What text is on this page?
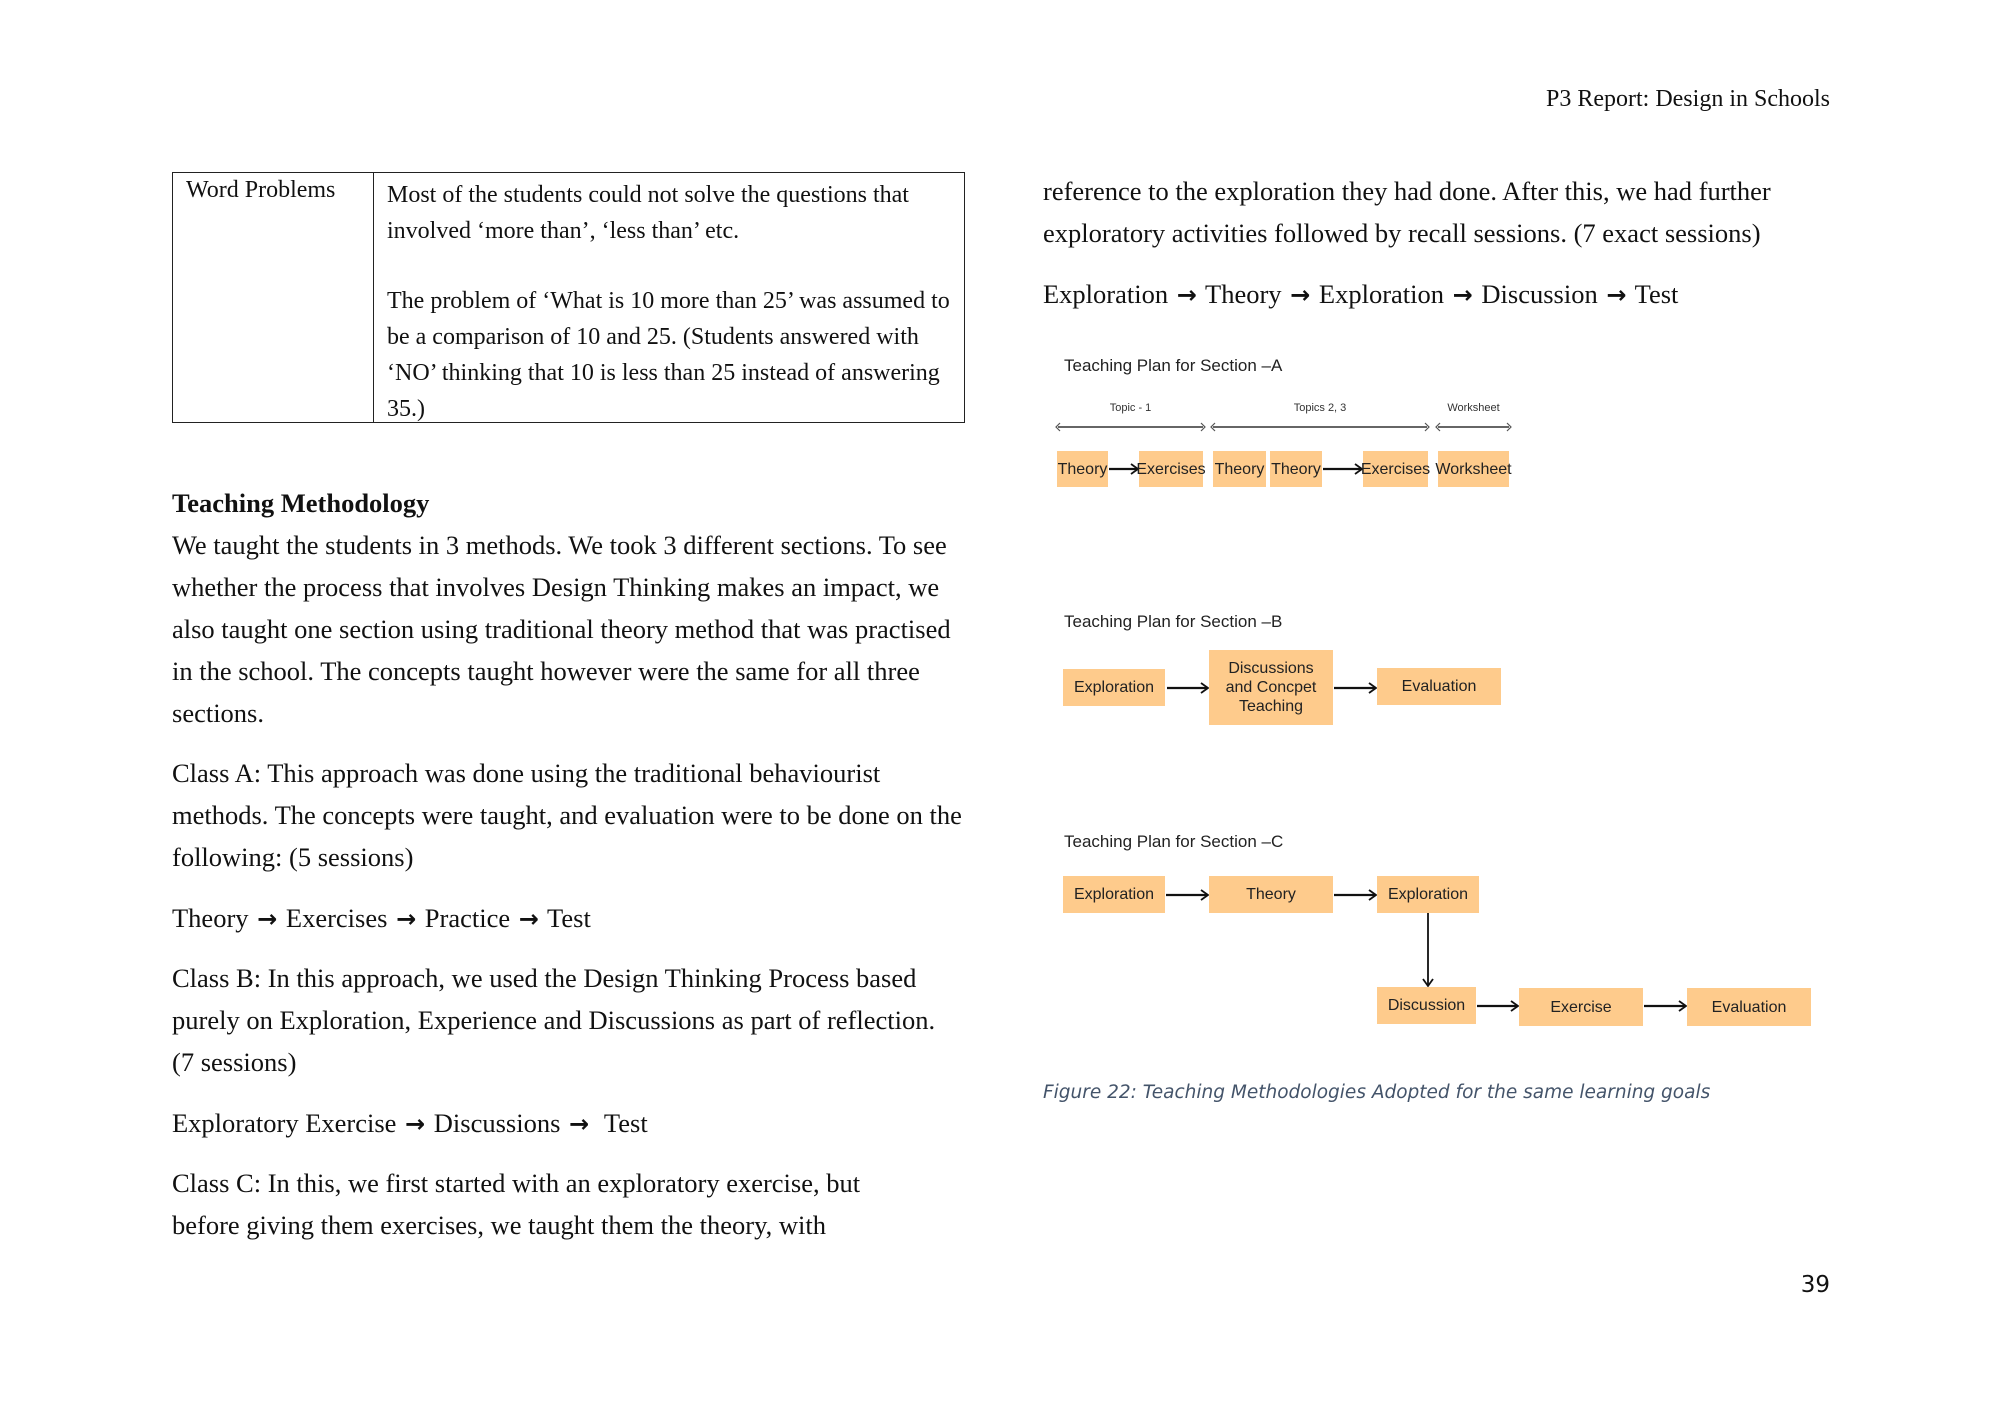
P3 Report: Design in Schools
Word Problems Most of the students could not solve the questions that involved ‘more than’, ‘less than’ etc.

The problem of ‘What is 10 more than 25’ was assumed to be a comparison of 10 and 25. (Students answered with ‘NO’ thinking that 10 is less than 25 instead of answering 35.)

Teaching Methodology

We taught the students in 3 methods. We took 3 different sections. To see whether the process that involves Design Thinking makes an impact, we also taught one section using traditional theory method that was practised in the school. The concepts taught however were the same for all three sections.

Class A: This approach was done using the traditional behaviourist methods. The concepts were taught, and evaluation were to be done on the following: (5 sessions)

Theory → Exercises → Practice → Test

Class B: In this approach, we used the Design Thinking Process based purely on Exploration, Experience and Discussions as part of reflection. (7 sessions)

Exploratory Exercise → Discussions →  Test

Class C: In this, we first started with an exploratory exercise, but before giving them exercises, we taught them the theory, with

reference to the exploration they had done. After this, we had further exploratory activities followed by recall sessions. (7 exact sessions)

Exploration → Theory → Exploration → Discussion → Test
Teaching Plan for Section –A
Topic - 1	Topics 2, 3	Worksheet
Theory Exercises Theory Theory Exercises Worksheet
Teaching Plan for Section –B
Exploration
Discussions and Concpet Teaching
Evaluation
Teaching Plan for Section –C
Exploration	Theory	Exploration
Discussion	Exercise	Evaluation
Figure 22: Teaching Methodologies Adopted for the same learning goals
39
